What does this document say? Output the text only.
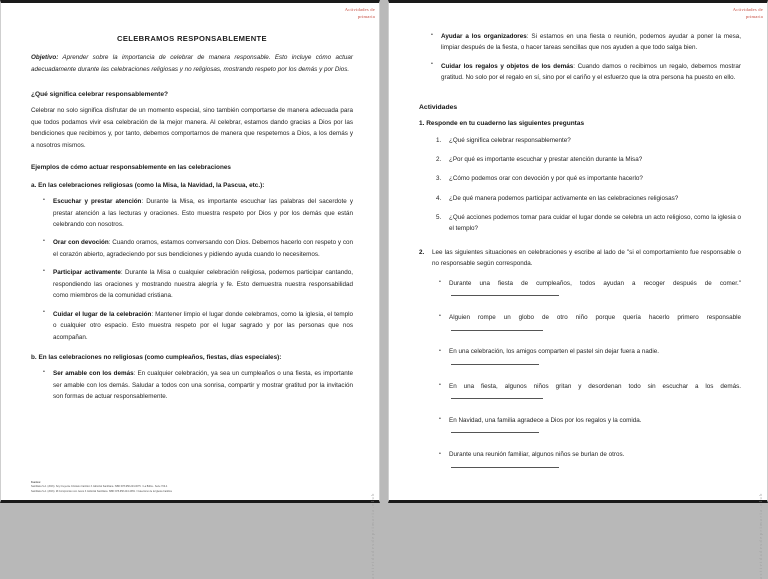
Actividades de
primaria
actividadesdeprimaria.club
CELEBRAMOS RESPONSABLEMENTE

Objetivo: Aprender sobre la importancia de celebrar de manera responsable. Esto incluye cómo actuar adecuadamente durante las celebraciones religiosas y no religiosas, mostrando respeto por los demás y por Dios.

¿Qué significa celebrar responsablemente?

Celebrar no solo significa disfrutar de un momento especial, sino también comportarse de manera adecuada para que todos podamos vivir esa celebración de la mejor manera. Al celebrar, estamos dando gracias a Dios por las bendiciones que recibimos y, por tanto, debemos comportarnos de manera que respetemos a Dios, a los demás y a nosotros mismos.

Ejemplos de cómo actuar responsablemente en las celebraciones
a. En las celebraciones religiosas (como la Misa, la Navidad, la Pascua, etc.):
• Escuchar y prestar atención: Durante la Misa, es importante escuchar las palabras del sacerdote y prestar atención a las lecturas y oraciones. Esto muestra respeto por Dios y por los demás que están celebrando con nosotros.
• Orar con devoción: Cuando oramos, estamos conversando con Dios. Debemos hacerlo con respeto y con el corazón abierto, agradeciendo por sus bendiciones y pidiendo ayuda cuando lo necesitemos.
• Participar activamente: Durante la Misa o cualquier celebración religiosa, podemos participar cantando, respondiendo las oraciones y mostrando nuestra alegría y fe. Esto demuestra nuestra responsabilidad como miembros de la comunidad cristiana.
• Cuidar el lugar de la celebración: Mantener limpio el lugar donde celebramos, como la iglesia, el templo o cualquier otro espacio. Esto muestra respeto por el lugar sagrado y por las personas que nos acompañan.
b. En las celebraciones no religiosas (como cumpleaños, fiestas, días especiales):
• Ser amable con los demás: En cualquier celebración, ya sea un cumpleaños o una fiesta, es importante ser amable con los demás. Saludar a todos con una sonrisa, compartir y mostrar gratitud por la invitación son formas de actuar responsablemente.
Fuentes:
Santillana S.A. (2016). Soy Creyente Cristiano Católico 3. Editorial Santillana. ISBN 978-958-243-0075. / La Biblia - Serie 700-4
Santillana S.A. (2016). Mi Compromiso con Jesús 3. Editorial Santillana. ISBN 978-958-243-4369. / Catecismo de la Iglesia Católica
Actividades de
primaria
actividadesdeprimaria.club
• Ayudar a los organizadores: Si estamos en una fiesta o reunión, podemos ayudar a poner la mesa, limpiar después de la fiesta, o hacer tareas sencillas que nos ayuden a que todo salga bien.
• Cuidar los regalos y objetos de los demás: Cuando damos o recibimos un regalo, debemos mostrar gratitud. No solo por el regalo en sí, sino por el cariño y el esfuerzo que la otra persona ha puesto en ello.
Actividades
1. Responde en tu cuaderno las siguientes preguntas
¿Qué significa celebrar responsablemente?
¿Por qué es importante escuchar y prestar atención durante la Misa?
¿Cómo podemos orar con devoción y por qué es importante hacerlo?
¿De qué manera podemos participar activamente en las celebraciones religiosas?
¿Qué acciones podemos tomar para cuidar el lugar donde se celebra un acto religioso, como la iglesia o el templo?
2. Lee las siguientes situaciones en celebraciones y escribe al lado de "si el comportamiento fue responsable o no responsable según corresponda.
• Durante una fiesta de cumpleaños, todos ayudan a recoger después de comer."
• Alguien rompe un globo de otro niño porque quería hacerlo primero responsable
• En una celebración, los amigos comparten el pastel sin dejar fuera a nadie.

• En una fiesta, algunos niños gritan y desordenan todo sin escuchar a los demás.
• En Navidad, una familia agradece a Dios por los regalos y la comida.

• Durante una reunión familiar, algunos niños se burlan de otros.
